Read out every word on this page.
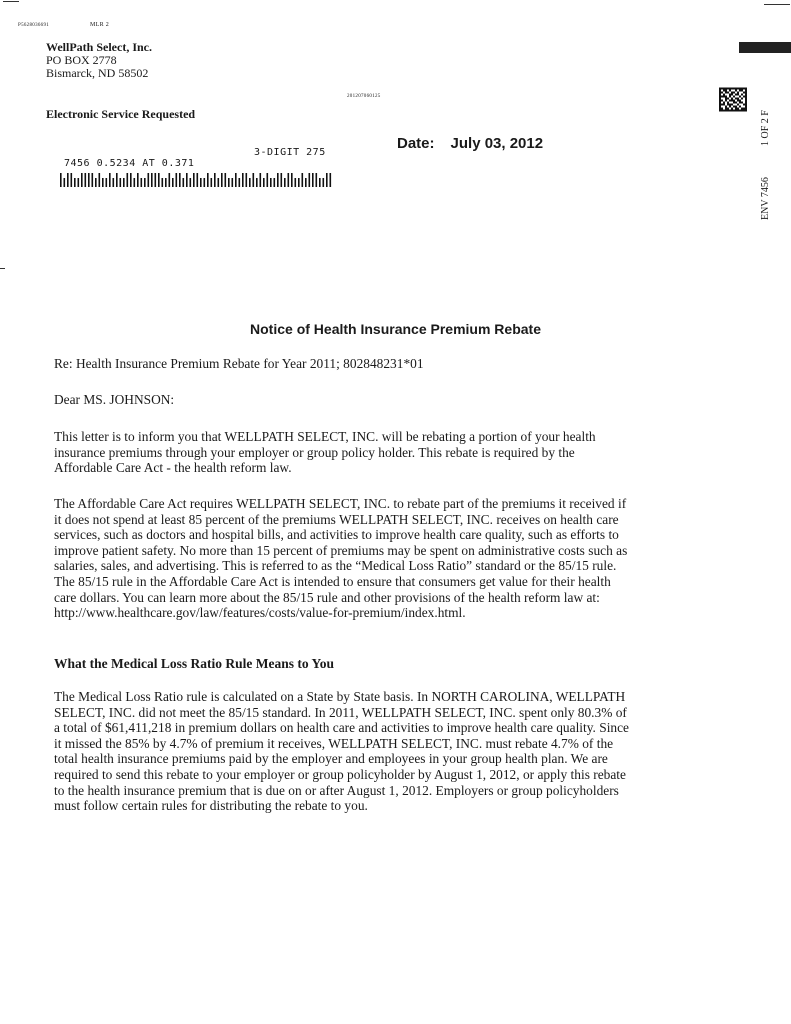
P5628036691	MLR 2
201207060125
WellPath Select, Inc.
PO BOX 2778
Bismarck, ND 58502
Electronic Service Requested
3-DIGIT 275
7456 0.5234 AT 0.371
Date: July 03, 2012	1 OF 2 F
ENV 7456
Notice of Health Insurance Premium Rebate
Re: Health Insurance Premium Rebate for Year 2011; 802848231*01
Dear MS. JOHNSON:
This letter is to inform you that WELLPATH SELECT, INC. will be rebating a portion of your health
insurance premiums through your employer or group policy holder. This rebate is required by the
Affordable Care Act - the health reform law.
The Affordable Care Act requires WELLPATH SELECT, INC. to rebate part of the premiums it received if
it does not spend at least 85 percent of the premiums WELLPATH SELECT, INC. receives on health care
services, such as doctors and hospital bills, and activities to improve health care quality, such as efforts to
improve patient safety. No more than 15 percent of premiums may be spent on administrative costs such as
salaries, sales, and advertising. This is referred to as the “Medical Loss Ratio” standard or the 85/15 rule.
The 85/15 rule in the Affordable Care Act is intended to ensure that consumers get value for their health
care dollars. You can learn more about the 85/15 rule and other provisions of the health reform law at:
http://www.healthcare.gov/law/features/costs/value-for-premium/index.html.
What the Medical Loss Ratio Rule Means to You
The Medical Loss Ratio rule is calculated on a State by State basis. In NORTH CAROLINA, WELLPATH
SELECT, INC. did not meet the 85/15 standard. In 2011, WELLPATH SELECT, INC. spent only 80.3% of
a total of $61,411,218 in premium dollars on health care and activities to improve health care quality. Since
it missed the 85% by 4.7% of premium it receives, WELLPATH SELECT, INC. must rebate 4.7% of the
total health insurance premiums paid by the employer and employees in your group health plan. We are
required to send this rebate to your employer or group policyholder by August 1, 2012, or apply this rebate
to the health insurance premium that is due on or after August 1, 2012. Employers or group policyholders
must follow certain rules for distributing the rebate to you.
